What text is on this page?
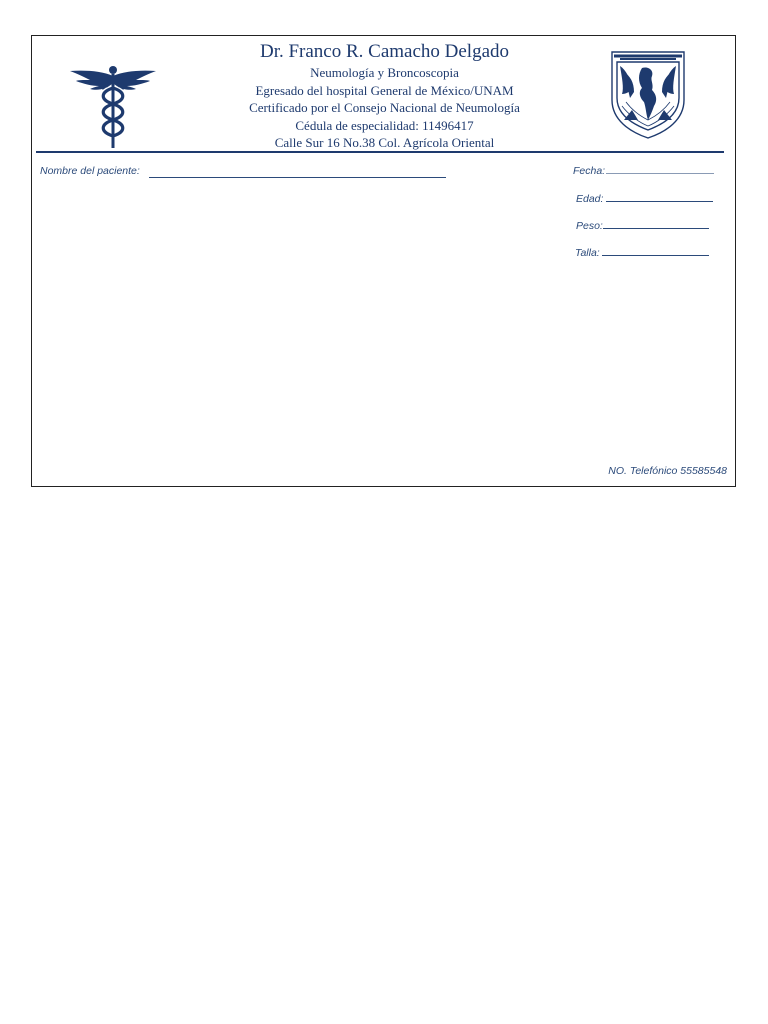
Dr. Franco R. Camacho Delgado

Neumología y Broncoscopia

Egresado del hospital General de México/UNAM

Certificado por el Consejo Nacional de Neumología

Cédula de especialidad: 11496417

Calle Sur 16 No.38 Col. Agrícola Oriental

Nombre del paciente:	Fecha:
Edad:
Peso:
Talla:
NO. Telefónico 55585548
